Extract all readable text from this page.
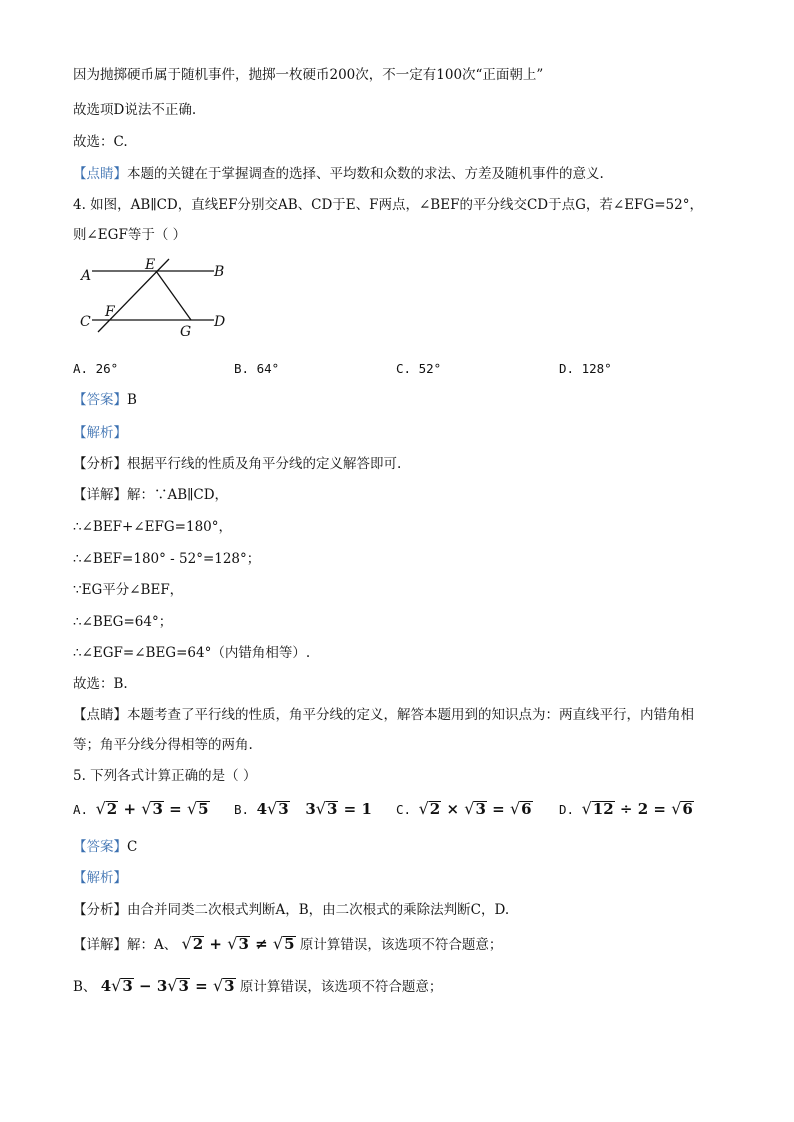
因为抛掷硬币属于随机事件，抛掷一枚硬币200次，不一定有100次“正面朝上”
故选项D说法不正确.
故选：C.
【点睛】本题的关键在于掌握调查的选择、平均数和众数的求法、方差及随机事件的意义.
4. 如图，AB∥CD，直线EF分别交AB、CD于E、F两点，∠BEF的平分线交CD于点G，若∠EFG=52°，
则∠EGF等于（ ）
A
E	B
C
F
G
D
A. 26°	B. 64°	C. 52°	D. 128°
【答案】B
【解析】
【分析】根据平行线的性质及角平分线的定义解答即可.
【详解】解：∵AB∥CD，
∴∠BEF+∠EFG=180°，
∴∠BEF=180° - 52°=128°；
∵EG平分∠BEF，
∴∠BEG=64°；
∴∠EGF=∠BEG=64°（内错角相等）.
故选：B.
【点睛】本题考查了平行线的性质，角平分线的定义，解答本题用到的知识点为：两直线平行，内错角相
等；角平分线分得相等的两角.
5. 下列各式计算正确的是（ ）
A. √2 + √3 = √5 B. 4√3 3√3 = 1 C. √2 × √3 = √6 D. √12 ÷ 2 = √6
【答案】C
【解析】
【分析】由合并同类二次根式判断A，B，由二次根式的乘除法判断C，D.
【详解】解：A、 √2 + √3 ≠ √5 原计算错误，该选项不符合题意；
B、 4√3 − 3√3 = √3 原计算错误，该选项不符合题意；
